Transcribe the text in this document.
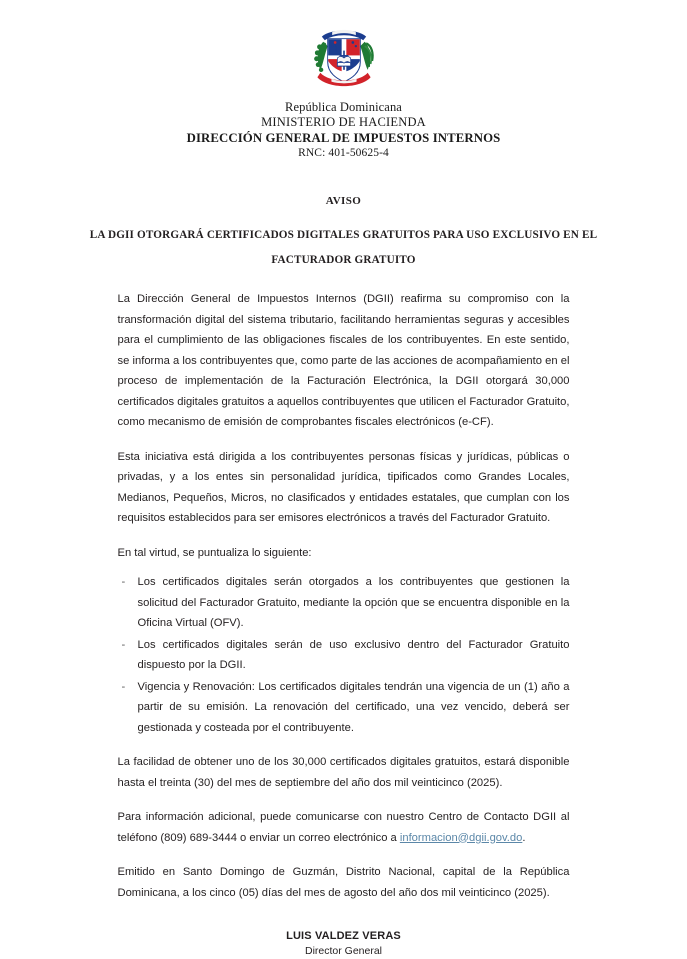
República Dominicana
MINISTERIO DE HACIENDA
DIRECCIÓN GENERAL DE IMPUESTOS INTERNOS
RNC: 401-50625-4
AVISO
LA DGII OTORGARÁ CERTIFICADOS DIGITALES GRATUITOS PARA USO EXCLUSIVO EN EL FACTURADOR GRATUITO

La Dirección General de Impuestos Internos (DGII) reafirma su compromiso con la transformación digital del sistema tributario, facilitando herramientas seguras y accesibles para el cumplimiento de las obligaciones fiscales de los contribuyentes. En este sentido, se informa a los contribuyentes que, como parte de las acciones de acompañamiento en el proceso de implementación de la Facturación Electrónica, la DGII otorgará 30,000 certificados digitales gratuitos a aquellos contribuyentes que utilicen el Facturador Gratuito, como mecanismo de emisión de comprobantes fiscales electrónicos (e-CF).

Esta iniciativa está dirigida a los contribuyentes personas físicas y jurídicas, públicas o privadas, y a los entes sin personalidad jurídica, tipificados como Grandes Locales, Medianos, Pequeños, Micros, no clasificados y entidades estatales, que cumplan con los requisitos establecidos para ser emisores electrónicos a través del Facturador Gratuito.

En tal virtud, se puntualiza lo siguiente:

- Los certificados digitales serán otorgados a los contribuyentes que gestionen la solicitud del Facturador Gratuito, mediante la opción que se encuentra disponible en la Oficina Virtual (OFV).
- Los certificados digitales serán de uso exclusivo dentro del Facturador Gratuito dispuesto por la DGII.
- Vigencia y Renovación: Los certificados digitales tendrán una vigencia de un (1) año a partir de su emisión. La renovación del certificado, una vez vencido, deberá ser gestionada y costeada por el contribuyente.

La facilidad de obtener uno de los 30,000 certificados digitales gratuitos, estará disponible hasta el treinta (30) del mes de septiembre del año dos mil veinticinco (2025).

Para información adicional, puede comunicarse con nuestro Centro de Contacto DGII al teléfono (809) 689-3444 o enviar un correo electrónico a informacion@dgii.gov.do.

Emitido en Santo Domingo de Guzmán, Distrito Nacional, capital de la República Dominicana, a los cinco (05) días del mes de agosto del año dos mil veinticinco (2025).

LUIS VALDEZ VERAS
Director General
